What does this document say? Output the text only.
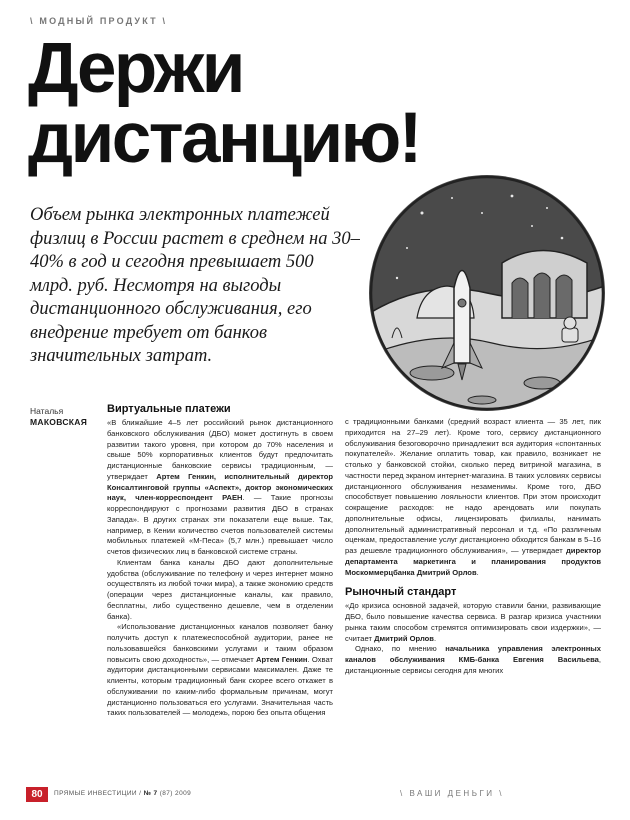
\ МОДНЫЙ ПРОДУКТ \
Держи
дистанцию!

Объем рынка электронных платежей физлиц в России растет в среднем на 30–40% в год и сегодня превышает 500 млрд. руб. Несмотря на выгоды дистанционного обслуживания, его внедрение требует от банков значительных затрат.

Наталья
МАКОВСКАЯ
Виртуальные платежи

«В ближайшие 4–5 лет российский рынок дистанционного банковского обслуживания (ДБО) может достигнуть в своем развитии такого уровня, при котором до 70% населения и свыше 50% корпоративных клиентов будут предпочитать дистанционные банковские сервисы традиционным, — утверждает Артем Генкин, исполнительный директор Консалтинговой группы «Аспект», доктор экономических наук, член-корреспондент РАЕН. — Такие прогнозы корреспондируют с прогнозами развития ДБО в странах Запада». В других странах эти показатели еще выше. Так, например, в Кении количество счетов пользователей системы мобильных платежей «М-Песа» (5,7 млн.) превышает число счетов физических лиц в банковской системе страны.

Клиентам банка каналы ДБО дают дополнительные удобства (обслуживание по телефону и через интернет можно осуществлять из любой точки мира), а также экономию средств (операции через дистанционные каналы, как правило, бесплатны, либо существенно дешевле, чем в отделении банка).

«Использование дистанционных каналов позволяет банку получить доступ к платежеспособной аудитории, ранее не пользовавшейся банковскими услугами и таким образом повысить свою доходность», — отмечает Артем Генкин. Охват аудитории дистанционными сервисами максимален. Даже те клиенты, которым традиционный банк скорее всего откажет в обслуживании по каким-либо формальным причинам, могут дистанционно пользоваться его услугами. Значительная часть таких пользователей — молодежь, порою без опыта общения

с традиционными банками (средний возраст клиента — 35 лет, пик приходится на 27–29 лет). Кроме того, сервису дистанционного обслуживания безоговорочно принадлежит вся аудитория «спонтанных покупателей». Желание оплатить товар, как правило, возникает не столько у банковской стойки, сколько перед витриной магазина, в частности перед экраном интернет-магазина. В таких условиях сервисы дистанционного обслуживания незаменимы. Кроме того, ДБО способствует повышению лояльности клиентов. При этом происходит сокращение расходов: не надо арендовать или покупать дополнительные офисы, лицензировать филиалы, нанимать дополнительный административный персонал и т.д. «По различным оценкам, предоставление услуг дистанционно обходится банкам в 5–16 раз дешевле традиционного обслуживания», — утверждает директор департамента маркетинга и планирования продуктов Москоммерцбанка Дмитрий Орлов.

Рыночный стандарт

«До кризиса основной задачей, которую ставили банки, развивающие ДБО, было повышение качества сервиса. В разгар кризиса участники рынка таким способом стремятся оптимизировать свои издержки», — считает Дмитрий Орлов.

Однако, по мнению начальника управления электронных каналов обслуживания КМБ-банка Евгения Васильева, дистанционные сервисы сегодня для многих

80	ПРЯМЫЕ ИНВЕСТИЦИИ / № 7 (87) 2009	\ ВАШИ ДЕНЬГИ \
